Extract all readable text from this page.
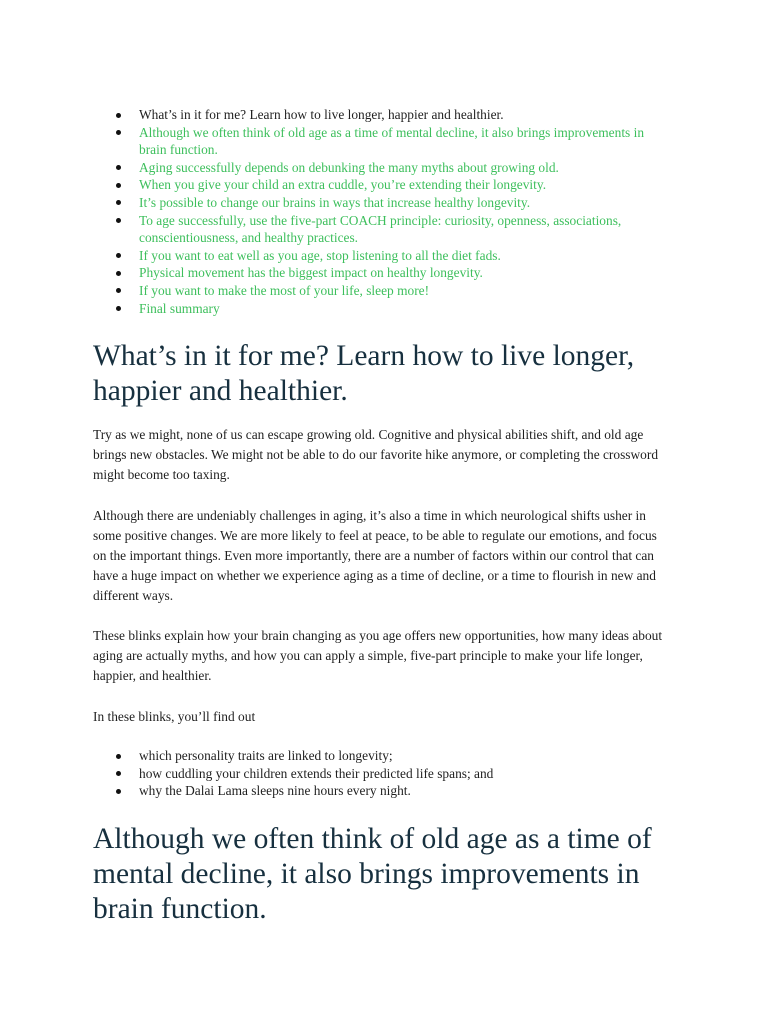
What’s in it for me? Learn how to live longer, happier and healthier.
Although we often think of old age as a time of mental decline, it also brings improvements in brain function.
Aging successfully depends on debunking the many myths about growing old.
When you give your child an extra cuddle, you’re extending their longevity.
It’s possible to change our brains in ways that increase healthy longevity.
To age successfully, use the five-part COACH principle: curiosity, openness, associations, conscientiousness, and healthy practices.
If you want to eat well as you age, stop listening to all the diet fads.
Physical movement has the biggest impact on healthy longevity.
If you want to make the most of your life, sleep more!
Final summary
What’s in it for me? Learn how to live longer, happier and healthier.

Try as we might, none of us can escape growing old. Cognitive and physical abilities shift, and old age brings new obstacles. We might not be able to do our favorite hike anymore, or completing the crossword might become too taxing.

Although there are undeniably challenges in aging, it’s also a time in which neurological shifts usher in some positive changes. We are more likely to feel at peace, to be able to regulate our emotions, and focus on the important things. Even more importantly, there are a number of factors within our control that can have a huge impact on whether we experience aging as a time of decline, or a time to flourish in new and different ways.

These blinks explain how your brain changing as you age offers new opportunities, how many ideas about aging are actually myths, and how you can apply a simple, five-part principle to make your life longer, happier, and healthier.

In these blinks, you’ll find out

which personality traits are linked to longevity;
how cuddling your children extends their predicted life spans; and
why the Dalai Lama sleeps nine hours every night.
Although we often think of old age as a time of mental decline, it also brings improvements in brain function.
